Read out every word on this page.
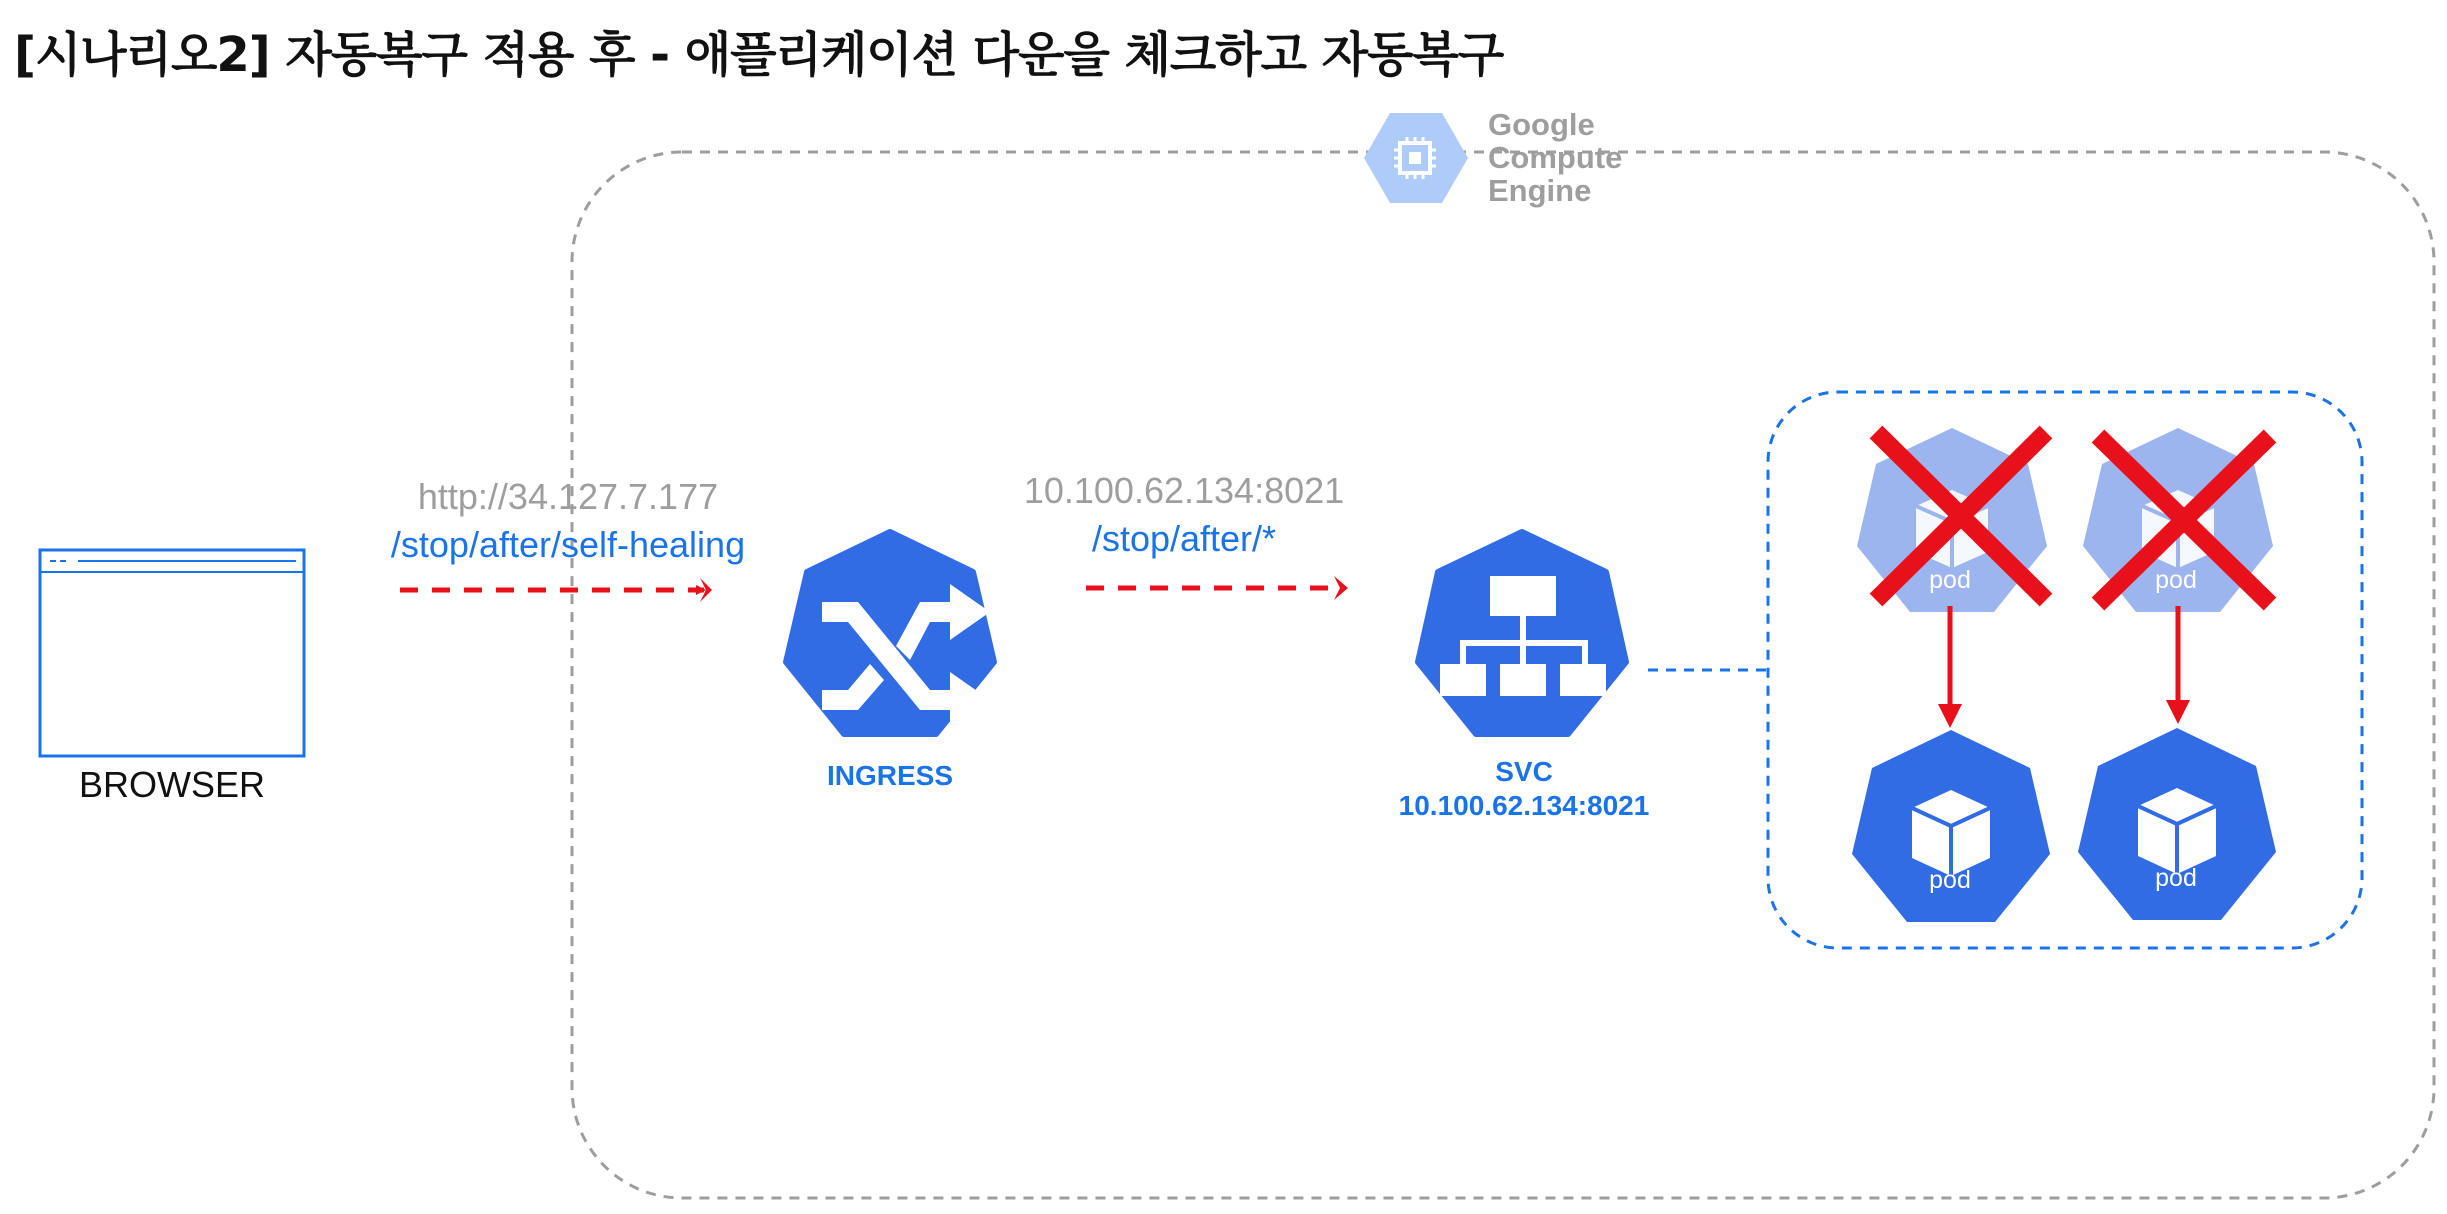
[시나리오2] 자동복구 적용 후 - 애플리케이션 다운을 체크하고 자동복구
Google
Compute
Engine
BROWSER
http://34.127.7.177
/stop/after/self-healing
INGRESS
10.100.62.134:8021
/stop/after/*
SVC
10.100.62.134:8021
pod	pod
pod	pod
